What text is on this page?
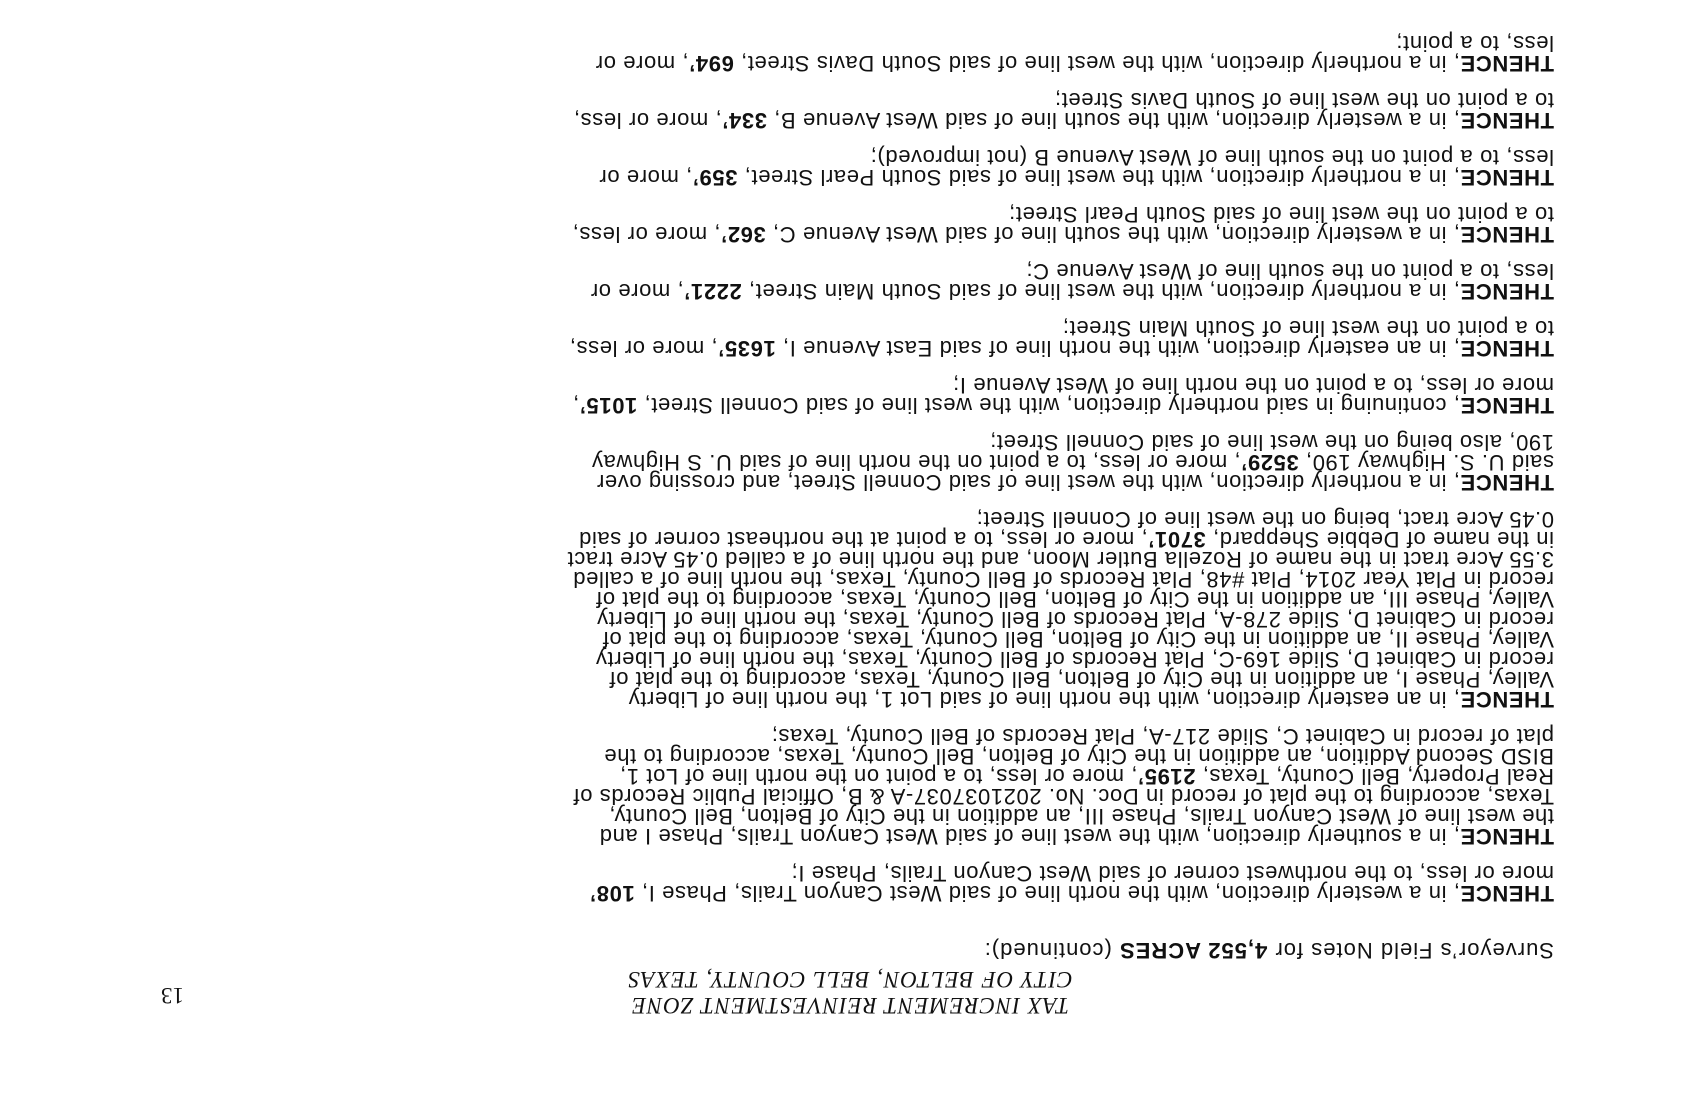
TAX INCREMENT REINVESTMENT ZONE
CITY OF BELTON, BELL COUNTY, TEXAS
13
Surveyor’s Field Notes for 4,552 ACRES (continued):
THENCE, in a westerly direction, with the north line of said West Canyon Trails, Phase I, 108’
more or less, to the northwest corner of said West Canyon Trails, Phase I;
THENCE, in a southerly direction, with the west line of said West Canyon Trails, Phase I and
the west line of West Canyon Trails, Phase III, an addition in the City of Belton, Bell County,
Texas, according to the plat of record in Doc. No. 2021037037-A & B, Official Public Records of
Real Property, Bell County, Texas, 2195’, more or less, to a point on the north line of Lot 1,
BISD Second Addition, an addition in the City of Belton, Bell County, Texas, according to the
plat of record in Cabinet C, Slide 217-A, Plat Records of Bell County, Texas;
THENCE, in an easterly direction, with the north line of said Lot 1, the north line of Liberty
Valley, Phase I, an addition in the City of Belton, Bell County, Texas, according to the plat of
record in Cabinet D, Slide 169-C, Plat Records of Bell County, Texas, the north line of Liberty
Valley, Phase II, an addition in the City of Belton, Bell County, Texas, according to the plat of
record in Cabinet D, Slide 278-A, Plat Records of Bell County, Texas, the north line of Liberty
Valley, Phase III, an addition in the City of Belton, Bell County, Texas, according to the plat of
record in Plat Year 2014, Plat #48, Plat Records of Bell County, Texas, the north line of a called
3.55 Acre tract in the name of Rozella Butler Moon, and the north line of a called 0.45 Acre tract
in the name of Debbie Sheppard, 3701’, more or less, to a point at the northeast corner of said
0.45 Acre tract, being on the west line of Connell Street;
THENCE, in a northerly direction, with the west line of said Connell Street, and crossing over
said U. S. Highway 190, 3529’, more or less, to a point on the north line of said U. S Highway
190, also being on the west line of said Connell Street;
THENCE, continuing in said northerly direction, with the west line of said Connell Street, 1015’,
more or less, to a point on the north line of West Avenue I;
THENCE, in an easterly direction, with the north line of said East Avenue I, 1635’, more or less,
to a point on the west line of South Main Street;
THENCE, in a northerly direction, with the west line of said South Main Street, 2221’, more or
less, to a point on the south line of West Avenue C;
THENCE, in a westerly direction, with the south line of said West Avenue C, 362’, more or less,
to a point on the west line of said South Pearl Street;
THENCE, in a northerly direction, with the west line of said South Pearl Street, 359’, more or
less, to a point on the south line of West Avenue B (not improved);
THENCE, in a westerly direction, with the south line of said West Avenue B, 334’, more or less,
to a point on the west line of South Davis Street;
THENCE, in a northerly direction, with the west line of said South Davis Street, 694’, more or
less, to a point;
